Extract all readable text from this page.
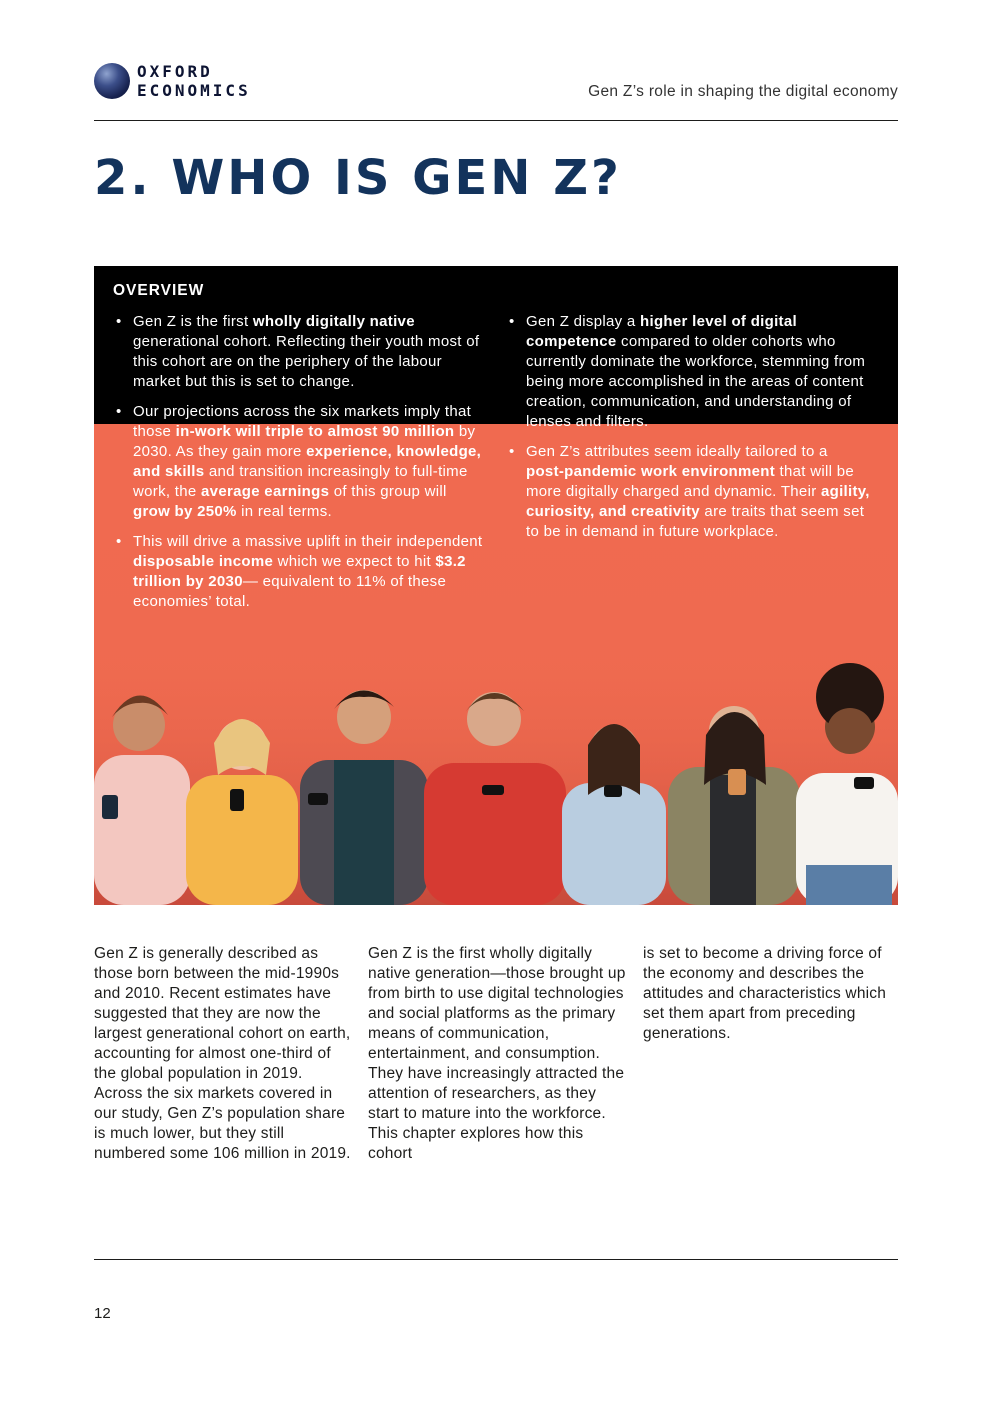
OXFORD
ECONOMICS	Gen Z’s role in shaping the digital economy
2. WHO IS GEN Z?
OVERVIEW
• Gen Z is the first wholly digitally native generational cohort. Reflecting their youth most of this cohort are on the periphery of the labour market but this is set to change.
• Our projections across the six markets imply that those in-work will triple to almost 90 million by 2030. As they gain more experience, knowledge, and skills and transition increasingly to full-time work, the average earnings of this group will grow by 250% in real terms.
• This will drive a massive uplift in their independent disposable income which we expect to hit $3.2 trillion by 2030— equivalent to 11% of these economies’ total.
• Gen Z display a higher level of digital competence compared to older cohorts who currently dominate the workforce, stemming from being more accomplished in the areas of content creation, communication, and understanding of lenses and filters.
• Gen Z’s attributes seem ideally tailored to a post-pandemic work environment that will be more digitally charged and dynamic. Their agility, curiosity, and creativity are traits that seem set to be in demand in future workplace.
Gen Z is generally described as those born between the mid-1990s and 2010. Recent estimates have suggested that they are now the largest generational cohort on earth, accounting for almost one-third of the global population in 2019. Across the six markets covered in our study, Gen Z’s population share is much lower, but they still numbered some 106 million in 2019.
Gen Z is the first wholly digitally native generation—those brought up from birth to use digital technologies and social platforms as the primary means of communication, entertainment, and consumption. They have increasingly attracted the attention of researchers, as they start to mature into the workforce. This chapter explores how this cohort
is set to become a driving force of the economy and describes the attitudes and characteristics which set them apart from preceding generations.
12
